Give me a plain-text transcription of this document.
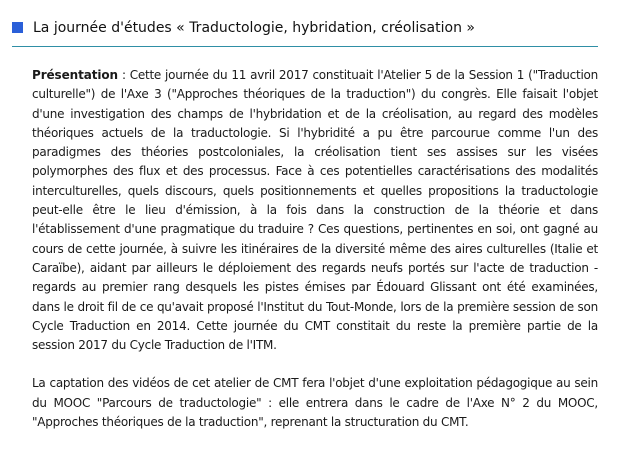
La journée d'études « Traductologie, hybridation, créolisation »

Présentation : Cette journée du 11 avril 2017 constituait l'Atelier 5 de la Session 1 ("Traduction culturelle") de l'Axe 3 ("Approches théoriques de la traduction") du congrès. Elle faisait l'objet d'une investigation des champs de l'hybridation et de la créolisation, au regard des modèles théoriques actuels de la traductologie. Si l'hybridité a pu être parcourue comme l'un des paradigmes des théories postcoloniales, la créolisation tient ses assises sur les visées polymorphes des flux et des processus. Face à ces potentielles caractérisations des modalités interculturelles, quels discours, quels positionnements et quelles propositions la traductologie peut-elle être le lieu d'émission, à la fois dans la construction de la théorie et dans l'établissement d'une pragmatique du traduire ? Ces questions, pertinentes en soi, ont gagné au cours de cette journée, à suivre les itinéraires de la diversité même des aires culturelles (Italie et Caraïbe), aidant par ailleurs le déploiement des regards neufs portés sur l'acte de traduction - regards au premier rang desquels les pistes émises par Édouard Glissant ont été examinées, dans le droit fil de ce qu'avait proposé l'Institut du Tout-Monde, lors de la première session de son Cycle Traduction en 2014. Cette journée du CMT constitait du reste la première partie de la session 2017 du Cycle Traduction de l'ITM.

La captation des vidéos de cet atelier de CMT fera l'objet d'une exploitation pédagogique au sein du MOOC "Parcours de traductologie" : elle entrera dans le cadre de l'Axe N° 2 du MOOC, "Approches théoriques de la traduction", reprenant la structuration du CMT.
